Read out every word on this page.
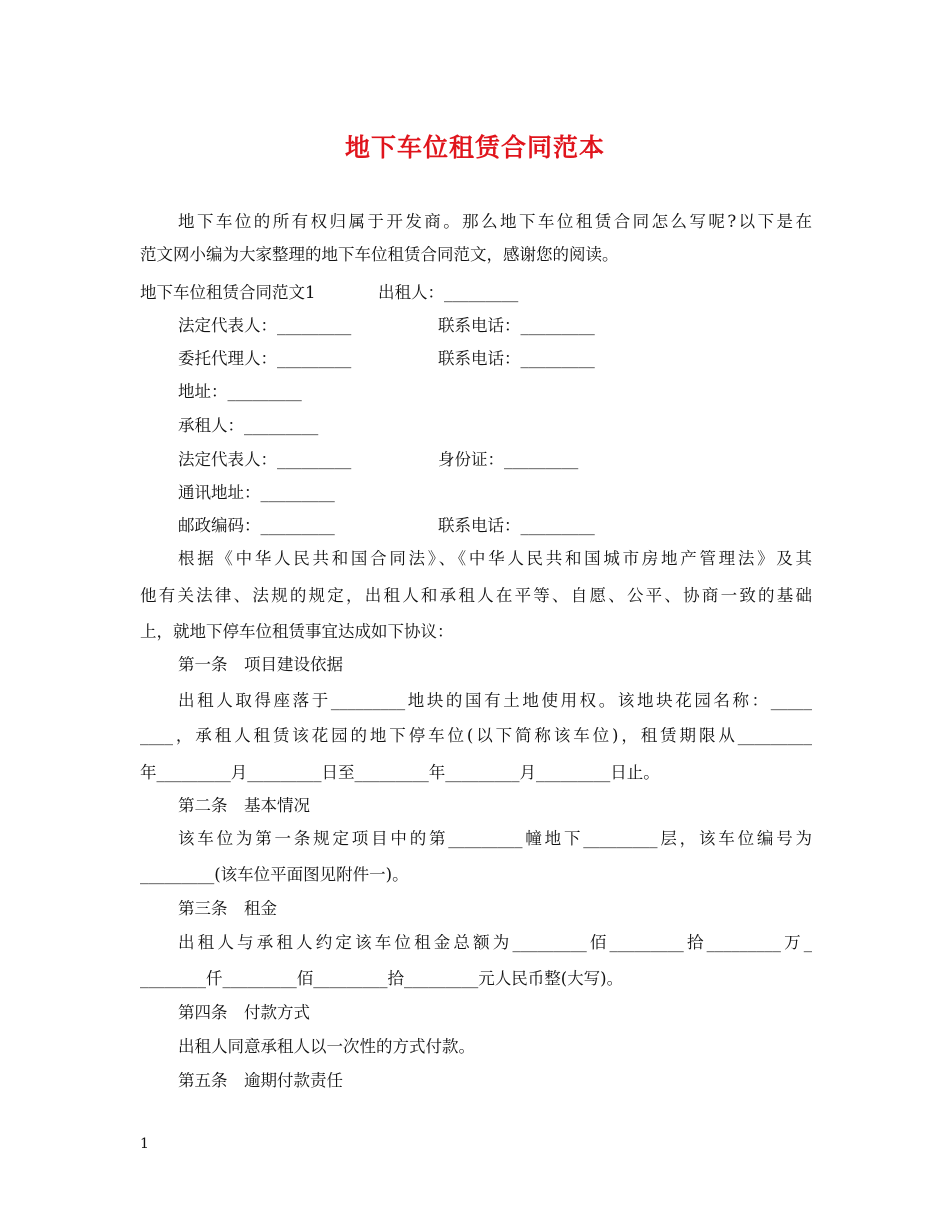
地下车位租赁合同范本
地下车位的所有权归属于开发商。那么地下车位租赁合同怎么写呢?以下是在
范文网小编为大家整理的地下车位租赁合同范文，感谢您的阅读。
地下车位租赁合同范文1	出租人：_________
法定代表人：_________	联系电话：_________
委托代理人：_________	联系电话：_________
地址：_________
承租人：_________
法定代表人：_________	身份证：_________
通讯地址：_________
邮政编码：_________	联系电话：_________
根据《中华人民共和国合同法》、《中华人民共和国城市房地产管理法》及其
他有关法律、法规的规定，出租人和承租人在平等、自愿、公平、协商一致的基础
上，就地下停车位租赁事宜达成如下协议：
第一条　项目建设依据
出租人取得座落于_________地块的国有土地使用权。该地块花园名称：_____
____，承租人租赁该花园的地下停车位(以下简称该车位)，租赁期限从_________
年_________月_________日至_________年_________月_________日止。
第二条　基本情况
该车位为第一条规定项目中的第_________幢地下_________层，该车位编号为
_________(该车位平面图见附件一)。
第三条　租金
出租人与承租人约定该车位租金总额为_________佰_________拾_________万_
________仟_________佰_________拾_________元人民币整(大写)。
第四条　付款方式
出租人同意承租人以一次性的方式付款。
第五条　逾期付款责任
1
